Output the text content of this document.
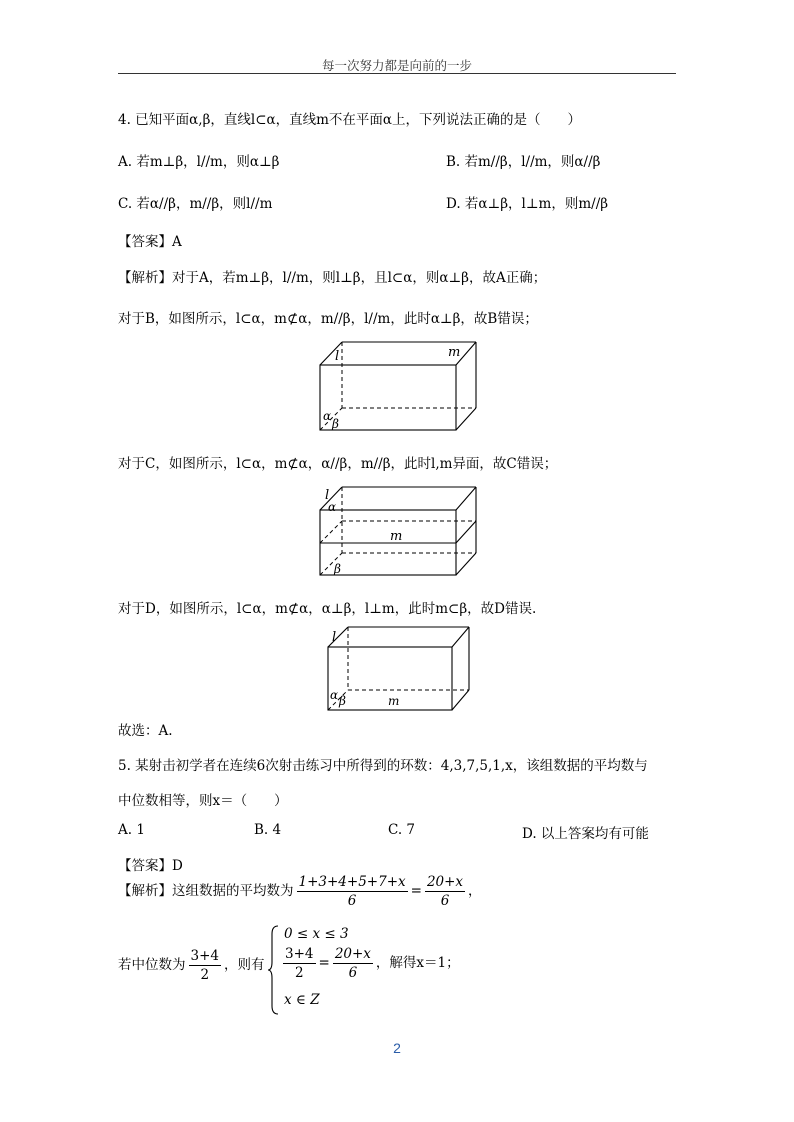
每一次努力都是向前的一步
4. 已知平面α,β，直线l⊂α，直线m不在平面α上，下列说法正确的是（　　）
A. 若m⊥β，l//m，则α⊥β	B. 若m//β，l//m，则α//β
C. 若α//β，m//β，则l//m	D. 若α⊥β，l⊥m，则m//β
【答案】A
【解析】对于A，若m⊥β，l//m，则l⊥β，且l⊂α，则α⊥β，故A正确；
对于B，如图所示，l⊂α，m⊄α，m//β，l//m，此时α⊥β，故B错误；
l	m
α
β
对于C，如图所示，l⊂α，m⊄α，α//β，m//β，此时l,m异面，故C错误；
l
α
m
β
对于D，如图所示，l⊂α，m⊄α，α⊥β，l⊥m，此时m⊂β，故D错误.
l
α β	m
故选：A.
5. 某射击初学者在连续6次射击练习中所得到的环数：4,3,7,5,1,x，该组数据的平均数与
中位数相等，则x＝（　　）
A. 1	B. 4	C. 7	D. 以上答案均有可能
【答案】D
【解析】这组数据的平均数为 $\frac{1+3+4+5+7+x}{6} = \frac{20+x}{6}$ ，
若中位数为 $\frac{3+4}{2}$ ，则有
0 ≤ x ≤ 3
$\frac{3+4}{2} = \frac{20+x}{6}$ ，解得x＝1；
x ∈ Z
2
